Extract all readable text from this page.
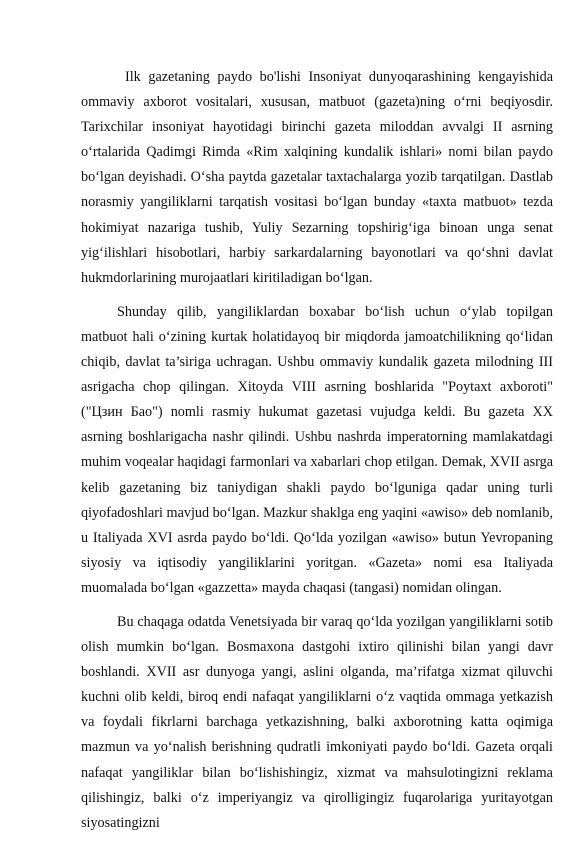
Ilk gazetaning paydo bo'lishi Insoniyat dunyoqarashining kengayishida ommaviy axborot vositalari, xususan, matbuot (gazeta)ning o‘rni beqiyosdir. Tarixchilar insoniyat hayotidagi birinchi gazeta miloddan avvalgi II asrning o‘rtalarida Qadimgi Rimda «Rim xalqining kundalik ishlari» nomi bilan paydo bo‘lgan deyishadi. O‘sha paytda gazetalar taxtachalarga yozib tarqatilgan. Dastlab norasmiy yangiliklarni tarqatish vositasi bo‘lgan bunday «taxta matbuot» tezda hokimiyat nazariga tushib, Yuliy Sezarning topshirig‘iga binoan unga senat yig‘ilishlari hisobotlari, harbiy sarkardalarning bayonotlari va qo‘shni davlat hukmdorlarining murojaatlari kiritiladigan bo‘lgan.

Shunday qilib, yangiliklardan boxabar bo‘lish uchun o‘ylab topilgan matbuot hali o‘zining kurtak holatidayoq bir miqdorda jamoatchilikning qo‘lidan chiqib, davlat ta’siriga uchragan. Ushbu ommaviy kundalik gazeta milodning III asrigacha chop qilingan. Xitoyda VIII asrning boshlarida "Poytaxt axboroti" ("Цзин Бао") nomli rasmiy hukumat gazetasi vujudga keldi. Bu gazeta XX asrning boshlarigacha nashr qilindi. Ushbu nashrda imperatorning mamlakatdagi muhim voqealar haqidagi farmonlari va xabarlari chop etilgan. Demak, XVII asrga kelib gazetaning biz taniydigan shakli paydo bo‘lguniga qadar uning turli qiyofadoshlari mavjud bo‘lgan. Mazkur shaklga eng yaqini «awiso» deb nomlanib, u Italiyada XVI asrda paydo bo‘ldi. Qo‘lda yozilgan «awiso» butun Yevropaning siyosiy va iqtisodiy yangiliklarini yoritgan. «Gazeta» nomi esa Italiyada muomalada bo‘lgan «gazzetta» mayda chaqasi (tangasi) nomidan olingan.

Bu chaqaga odatda Venetsiyada bir varaq qo‘lda yozilgan yangiliklarni sotib olish mumkin bo‘lgan. Bosmaxona dastgohi ixtiro qilinishi bilan yangi davr boshlandi. XVII asr dunyoga yangi, aslini olganda, ma’rifatga xizmat qiluvchi kuchni olib keldi, biroq endi nafaqat yangiliklarni o‘z vaqtida ommaga yetkazish va foydali fikrlarni barchaga yetkazishning, balki axborotning katta oqimiga mazmun va yo‘nalish berishning qudratli imkoniyati paydo bo‘ldi. Gazeta orqali nafaqat yangiliklar bilan bo‘lishishingiz, xizmat va mahsulotingizni reklama qilishingiz, balki o‘z imperiyangiz va qirolligingiz fuqarolariga yuritayotgan siyosatingizni
